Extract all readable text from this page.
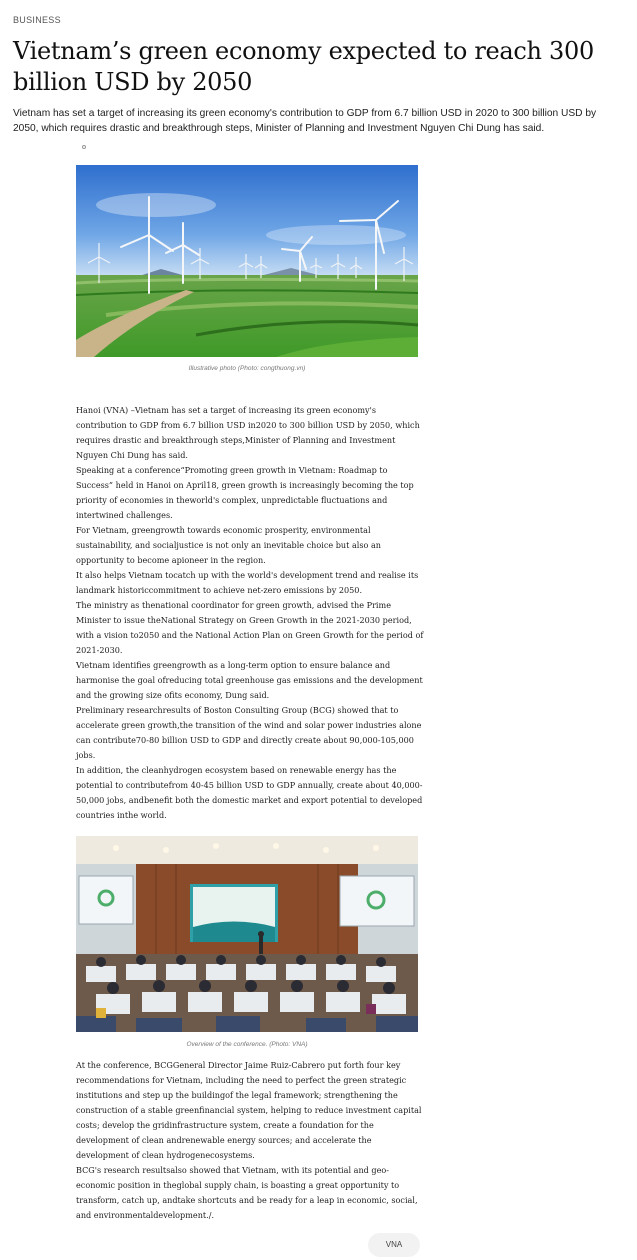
BUSINESS
Vietnam’s green economy expected to reach 300 billion USD by 2050
Vietnam has set a target of increasing its green economy's contribution to GDP from 6.7 billion USD in 2020 to 300 billion USD by 2050, which requires drastic and breakthrough steps, Minister of Planning and Investment Nguyen Chi Dung has said.
Illustrative photo (Photo: congthuong.vn)

Hanoi (VNA) –Vietnam has set a target of increasing its green economy's contribution to GDP from 6.7 billion USD in2020 to 300 billion USD by 2050, which requires drastic and breakthrough steps,Minister of Planning and Investment Nguyen Chi Dung has said.

Speaking at a conference“Promoting green growth in Vietnam: Roadmap to Success” held in Hanoi on April18, green growth is increasingly becoming the top priority of economies in theworld's complex, unpredictable fluctuations and intertwined challenges.

For Vietnam, greengrowth towards economic prosperity, environmental sustainability, and socialjustice is not only an inevitable choice but also an opportunity to become apioneer in the region.

It also helps Vietnam tocatch up with the world's development trend and realise its landmark historiccommitment to achieve net-zero emissions by 2050.

The ministry as thenational coordinator for green growth, advised the Prime Minister to issue theNational Strategy on Green Growth in the 2021-2030 period, with a vision to2050 and the National Action Plan on Green Growth for the period of 2021-2030.

Vietnam identifies greengrowth as a long-term option to ensure balance and harmonise the goal ofreducing total greenhouse gas emissions and the development and the growing size ofits economy, Dung said.

Preliminary researchresults of Boston Consulting Group (BCG) showed that to accelerate green growth,the transition of the wind and solar power industries alone can contribute70-80 billion USD to GDP and directly create about 90,000-105,000 jobs.

In addition, the cleanhydrogen ecosystem based on renewable energy has the potential to contributefrom 40-45 billion USD to GDP annually, create about 40,000-50,000 jobs, andbenefit both the domestic market and export potential to developed countries inthe world.

Overview of the conference. (Photo: VNA)

At the conference, BCGGeneral Director Jaime Ruiz-Cabrero put forth four key recommendations for Vietnam, including the need to perfect the green strategic institutions and step up the buildingof the legal framework; strengthening the construction of a stable greenfinancial system, helping to reduce investment capital costs; develop the gridinfrastructure system, create a foundation for the development of clean andrenewable energy sources; and accelerate the development of clean hydrogenecosystems.

BCG's research resultsalso showed that Vietnam, with its potential and geo-economic position in theglobal supply chain, is boasting a great opportunity to transform, catch up, andtake shortcuts and be ready for a leap in economic, social, and environmentaldevelopment./.

VNA
